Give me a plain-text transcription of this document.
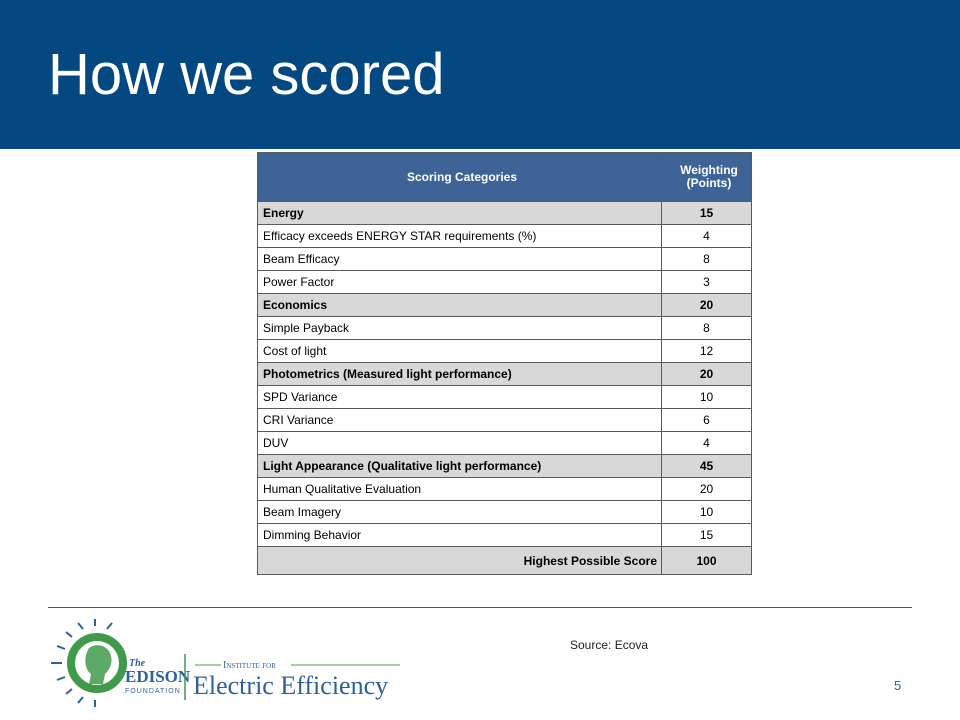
How we scored
Scoring Categories	Weighting
(Points)
Energy	15
Efficacy exceeds ENERGY STAR requirements (%)	4
Beam Efficacy	8
Power Factor	3
Economics	20
Simple Payback	8
Cost of light	12
Photometrics (Measured light performance)	20
SPD Variance	10
CRI Variance	6
DUV	4
Light Appearance (Qualitative light performance)	45
Human Qualitative Evaluation	20
Beam Imagery	10
Dimming Behavior	15
Highest Possible Score	100
Source: Ecova
5
The
EDISON
FOUNDATION
Institute for
Electric Efficiency
